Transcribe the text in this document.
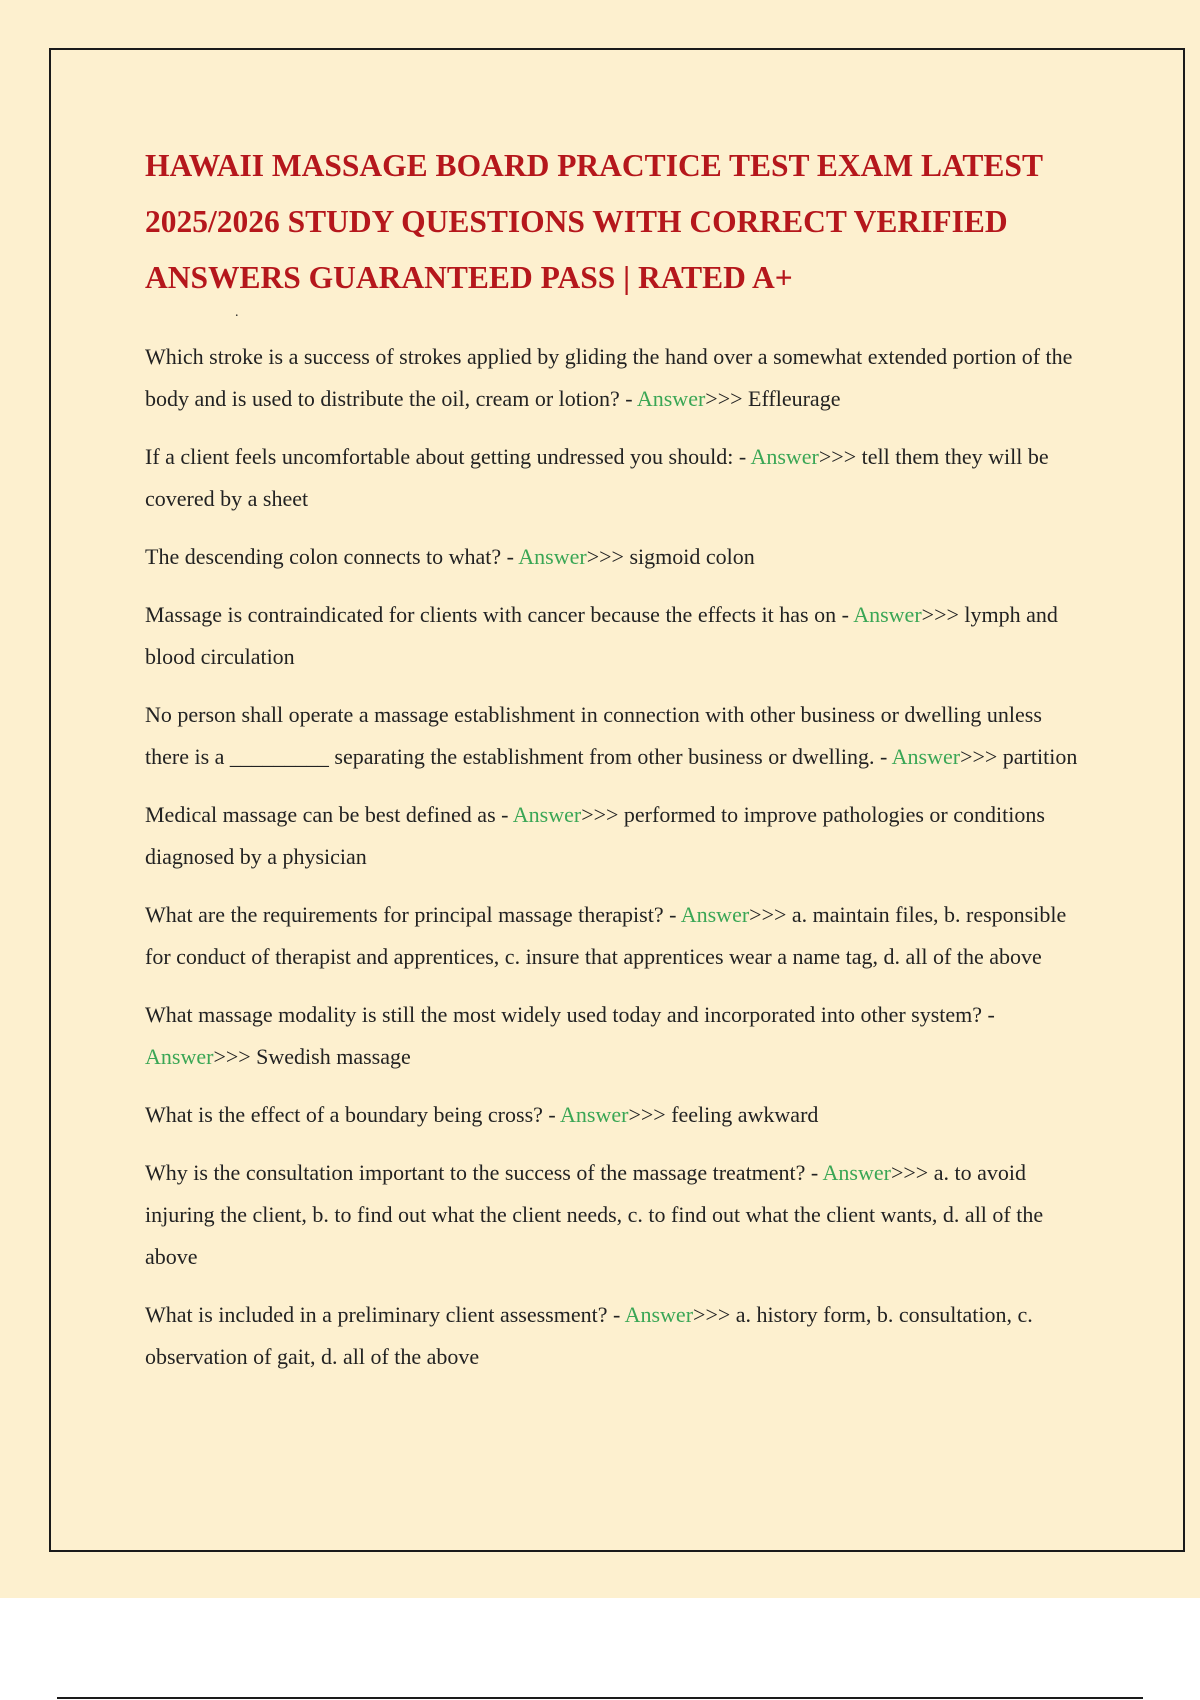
HAWAII MASSAGE BOARD PRACTICE TEST EXAM LATEST 2025/2026 STUDY QUESTIONS WITH CORRECT VERIFIED ANSWERS GUARANTEED PASS | RATED A+
.

Which stroke is a success of strokes applied by gliding the hand over a somewhat extended portion of the body and is used to distribute the oil, cream or lotion? - Answer>>> Effleurage

If a client feels uncomfortable about getting undressed you should: - Answer>>> tell them they will be covered by a sheet

The descending colon connects to what? - Answer>>> sigmoid colon

Massage is contraindicated for clients with cancer because the effects it has on - Answer>>> lymph and blood circulation

No person shall operate a massage establishment in connection with other business or dwelling unless there is a _________ separating the establishment from other business or dwelling. - Answer>>> partition

Medical massage can be best defined as - Answer>>> performed to improve pathologies or conditions diagnosed by a physician

What are the requirements for principal massage therapist? - Answer>>> a. maintain files, b. responsible for conduct of therapist and apprentices, c. insure that apprentices wear a name tag, d. all of the above

What massage modality is still the most widely used today and incorporated into other system? - Answer>>> Swedish massage

What is the effect of a boundary being cross? - Answer>>> feeling awkward

Why is the consultation important to the success of the massage treatment? - Answer>>> a. to avoid injuring the client, b. to find out what the client needs, c. to find out what the client wants, d. all of the above

What is included in a preliminary client assessment? - Answer>>> a. history form, b. consultation, c. observation of gait, d. all of the above
